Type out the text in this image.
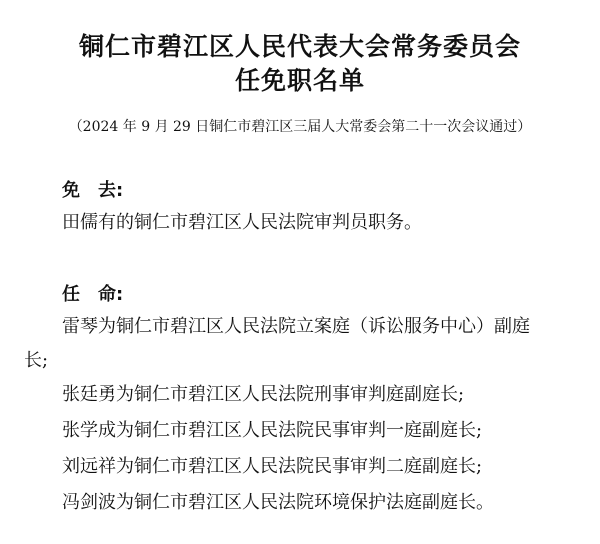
铜仁市碧江区人民代表大会常务委员会
任免职名单
（2024 年 9 月 29 日铜仁市碧江区三届人大常委会第二十一次会议通过）
免　去:
田儒有的铜仁市碧江区人民法院审判员职务。
任　命:
雷琴为铜仁市碧江区人民法院立案庭（诉讼服务中心）副庭
长;
张廷勇为铜仁市碧江区人民法院刑事审判庭副庭长;
张学成为铜仁市碧江区人民法院民事审判一庭副庭长;
刘远祥为铜仁市碧江区人民法院民事审判二庭副庭长;
冯剑波为铜仁市碧江区人民法院环境保护法庭副庭长。
